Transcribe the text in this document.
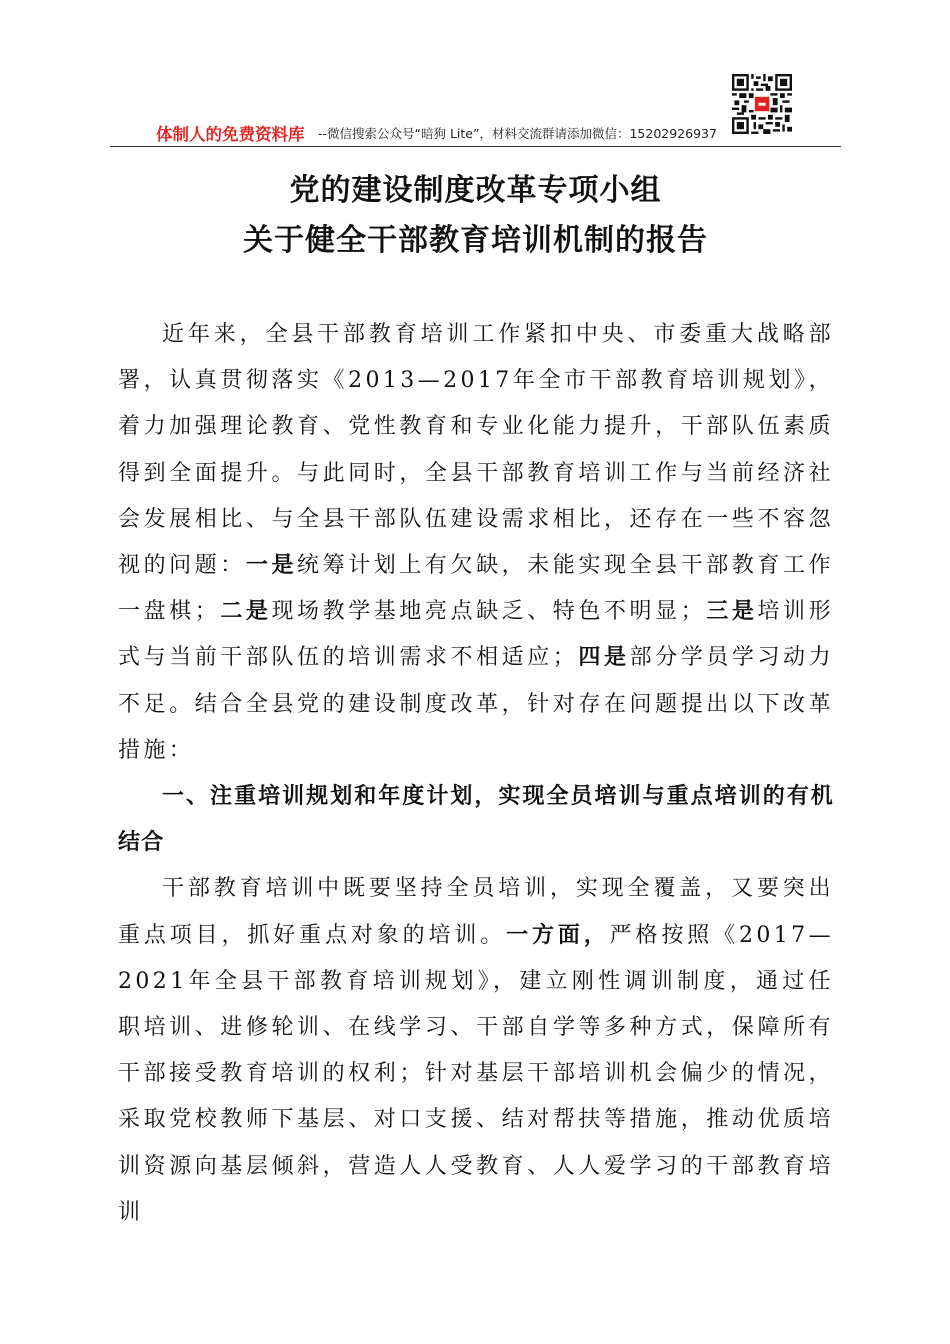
体制人的免费资料库 --微信搜索公众号“暗狗 Lite”，材料交流群请添加微信：15202926937
党的建设制度改革专项小组
关于健全干部教育培训机制的报告

近年来，全县干部教育培训工作紧扣中央、市委重大战略部署，认真贯彻落实《2013—2017年全市干部教育培训规划》，着力加强理论教育、党性教育和专业化能力提升，干部队伍素质得到全面提升。与此同时，全县干部教育培训工作与当前经济社会发展相比、与全县干部队伍建设需求相比，还存在一些不容忽视的问题：一是统筹计划上有欠缺，未能实现全县干部教育工作一盘棋；二是现场教学基地亮点缺乏、特色不明显；三是培训形式与当前干部队伍的培训需求不相适应；四是部分学员学习动力不足。结合全县党的建设制度改革，针对存在问题提出以下改革措施：

一、注重培训规划和年度计划，实现全员培训与重点培训的有机结合

干部教育培训中既要坚持全员培训，实现全覆盖，又要突出重点项目，抓好重点对象的培训。一方面，严格按照《2017—2021年全县干部教育培训规划》，建立刚性调训制度，通过任职培训、进修轮训、在线学习、干部自学等多种方式，保障所有干部接受教育培训的权利；针对基层干部培训机会偏少的情况，采取党校教师下基层、对口支援、结对帮扶等措施，推动优质培训资源向基层倾斜，营造人人受教育、人人爱学习的干部教育培训
